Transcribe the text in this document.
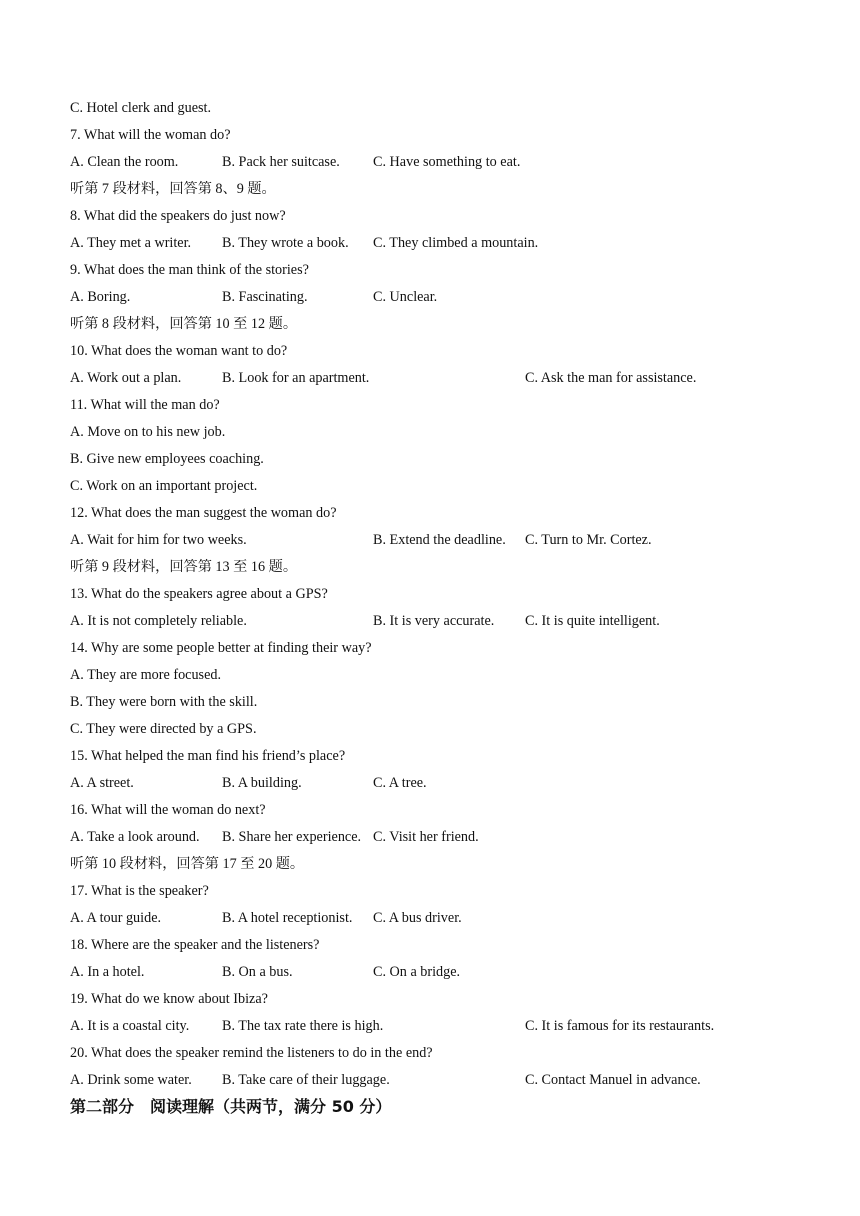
C. Hotel clerk and guest.
7. What will the woman do?
A. Clean the room.	B. Pack her suitcase. C. Have something to eat.
听第 7 段材料，回答第 8、9 题。
8. What did the speakers do just now?
A. They met a writer. B. They wrote a book. C. They climbed a mountain.
9. What does the man think of the stories?
A. Boring.	B. Fascinating.	C. Unclear.
听第 8 段材料，回答第 10 至 12 题。
10. What does the woman want to do?
A. Work out a plan.	B. Look for an apartment.	C. Ask the man for assistance.
11. What will the man do?
A. Move on to his new job.
B. Give new employees coaching.
C. Work on an important project.
12. What does the man suggest the woman do?
A. Wait for him for two weeks.	B. Extend the deadline. C. Turn to Mr. Cortez.
听第 9 段材料，回答第 13 至 16 题。
13. What do the speakers agree about a GPS?
A. It is not completely reliable.	B. It is very accurate. C. It is quite intelligent.
14. Why are some people better at finding their way?
A. They are more focused.
B. They were born with the skill.
C. They were directed by a GPS.
15. What helped the man find his friend’s place?
A. A street.	B. A building.	C. A tree.
16. What will the woman do next?
A. Take a look around. B. Share her experience. C. Visit her friend.
听第 10 段材料，回答第 17 至 20 题。
17. What is the speaker?
A. A tour guide.	B. A hotel receptionist. C. A bus driver.
18. Where are the speaker and the listeners?
A. In a hotel.	B. On a bus.	C. On a bridge.
19. What do we know about Ibiza?
A. It is a coastal city. B. The tax rate there is high.	C. It is famous for its restaurants.
20. What does the speaker remind the listeners to do in the end?
A. Drink some water. B. Take care of their luggage.	C. Contact Manuel in advance.
第二部分　阅读理解（共两节，满分 50 分）
